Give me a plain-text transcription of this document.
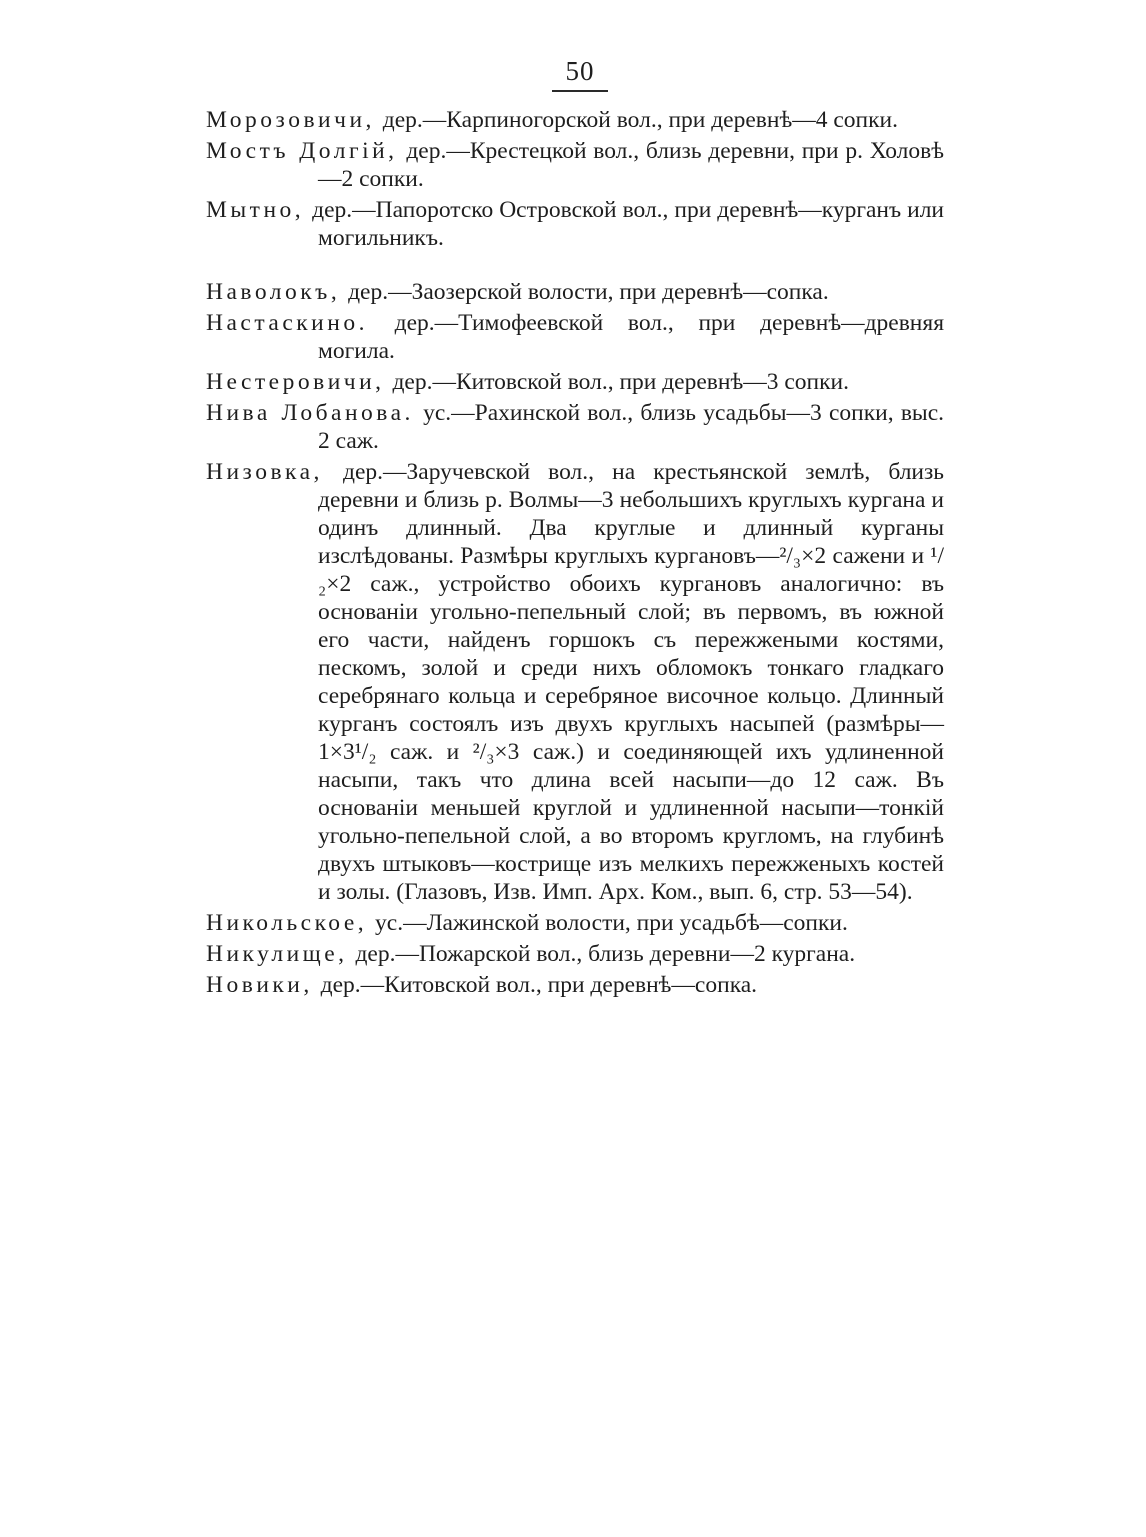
50

Морозовичи, дер.—Карпиногорской вол., при деревнѣ—4 сопки.

Мостъ Долгій, дер.—Крестецкой вол., близь деревни, при р. Холовѣ—2 сопки.

Мытно, дер.—Папоротско Островской вол., при деревнѣ—курганъ или могильникъ.

Наволокъ, дер.—Заозерской волости, при деревнѣ—сопка.

Настаскино. дер.—Тимофеевской вол., при деревнѣ—древняя могила.

Нестеровичи, дер.—Китовской вол., при деревнѣ—3 сопки.

Нива Лобанова. ус.—Рахинской вол., близь усадьбы—3 сопки, выс. 2 саж.

Низовка, дер.—Заручевской вол., на крестьянской землѣ, близь деревни и близь р. Волмы—3 небольшихъ круглыхъ кургана и одинъ длинный. Два круглые и длинный курганы изслѣдованы. Размѣры круглыхъ кургановъ—²/₃×2 сажени и ¹/₂×2 саж., устройство обоихъ кургановъ аналогично: въ основаніи угольно-пепельный слой; въ первомъ, въ южной его части, найденъ горшокъ съ пережжеными костями, пескомъ, золой и среди нихъ обломокъ тонкаго гладкаго серебрянаго кольца и серебряное височное кольцо. Длинный курганъ состоялъ изъ двухъ круглыхъ насыпей (размѣры—1×3¹/₂ саж. и ²/₃×3 саж.) и соединяющей ихъ удлиненной насыпи, такъ что длина всей насыпи—до 12 саж. Въ основаніи меньшей круглой и удлиненной насыпи—тонкій угольно-пепельной слой, а во второмъ кругломъ, на глубинѣ двухъ штыковъ—кострище изъ мелкихъ пережженыхъ костей и золы. (Глазовъ, Изв. Имп. Арх. Ком., вып. 6, стр. 53—54).

Никольское, ус.—Лажинской волости, при усадьбѣ—сопки.

Никулище, дер.—Пожарской вол., близь деревни—2 кургана.

Новики, дер.—Китовской вол., при деревнѣ—сопка.
